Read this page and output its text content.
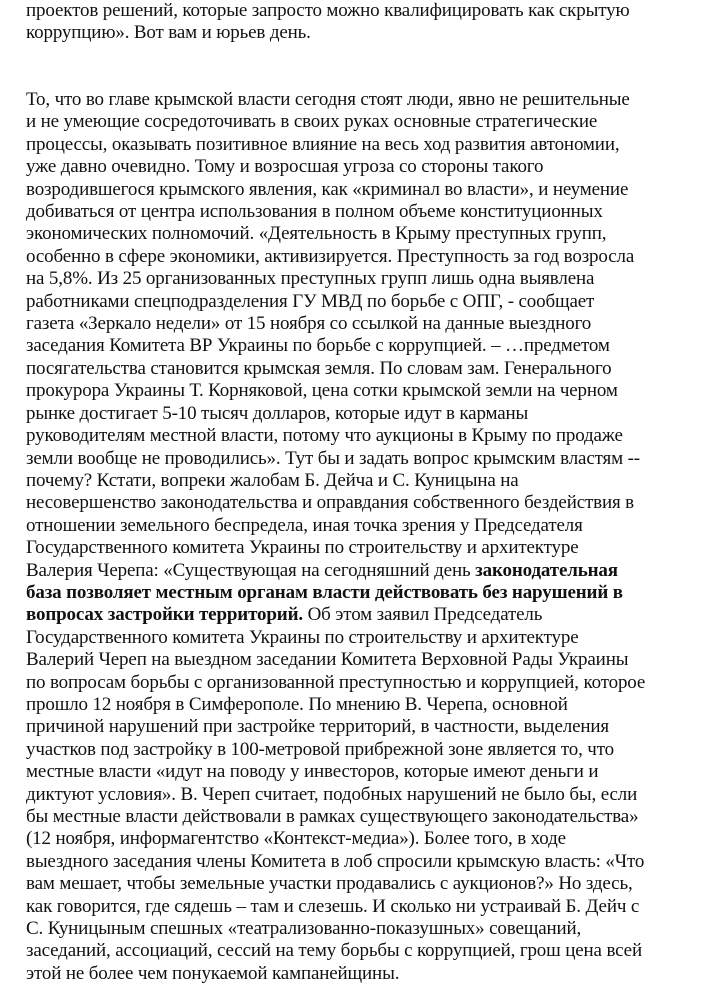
проектов решений, которые запросто можно квалифицировать как скрытую
коррупцию». Вот вам и юрьев день.
То, что во главе крымской власти сегодня стоят люди, явно не решительные
и не умеющие сосредоточивать в своих руках основные стратегические
процессы, оказывать позитивное влияние на весь ход развития автономии,
уже давно очевидно. Тому и возросшая угроза со стороны такого
возродившегося крымского явления, как «криминал во власти», и неумение
добиваться от центра использования в полном объеме конституционных
экономических полномочий. «Деятельность в Крыму преступных групп,
особенно в сфере экономики, активизируется. Преступность за год возросла
на 5,8%. Из 25 организованных преступных групп лишь одна выявлена
работниками спецподразделения ГУ МВД по борьбе с ОПГ, - сообщает
газета «Зеркало недели» от 15 ноября со ссылкой на данные выездного
заседания Комитета ВР Украины по борьбе с коррупцией. – …предметом
посягательства становится крымская земля. По словам зам. Генерального
прокурора Украины Т. Корняковой, цена сотки крымской земли на черном
рынке достигает 5-10 тысяч долларов, которые идут в карманы
руководителям местной власти, потому что аукционы в Крыму по продаже
земли вообще не проводились». Тут бы и задать вопрос крымским властям --
почему? Кстати, вопреки жалобам Б. Дейча и С. Куницына на
несовершенство законодательства и оправдания собственного бездействия в
отношении земельного беспредела, иная точка зрения у Председателя
Государственного комитета Украины по строительству и архитектуре
Валерия Черепа: «Существующая на сегодняшний день законодательная
база позволяет местным органам власти действовать без нарушений в
вопросах застройки территорий. Об этом заявил Председатель
Государственного комитета Украины по строительству и архитектуре
Валерий Череп на выездном заседании Комитета Верховной Рады Украины
по вопросам борьбы с организованной преступностью и коррупцией, которое
прошло 12 ноября в Симферополе. По мнению В. Черепа, основной
причиной нарушений при застройке территорий, в частности, выделения
участков под застройку в 100-метровой прибрежной зоне является то, что
местные власти «идут на поводу у инвесторов, которые имеют деньги и
диктуют условия». В. Череп считает, подобных нарушений не было бы, если
бы местные власти действовали в рамках существующего законодательства»
(12 ноября, информагентство «Контекст-медиа»). Более того, в ходе
выездного заседания члены Комитета в лоб спросили крымскую власть: «Что
вам мешает, чтобы земельные участки продавались с аукционов?» Но здесь,
как говорится, где сядешь – там и слезешь. И сколько ни устраивай Б. Дейч с
С. Куницыным спешных «театрализованно-показушных» совещаний,
заседаний, ассоциаций, сессий на тему борьбы с коррупцией, грош цена всей
этой не более чем понукаемой кампанейщины.
